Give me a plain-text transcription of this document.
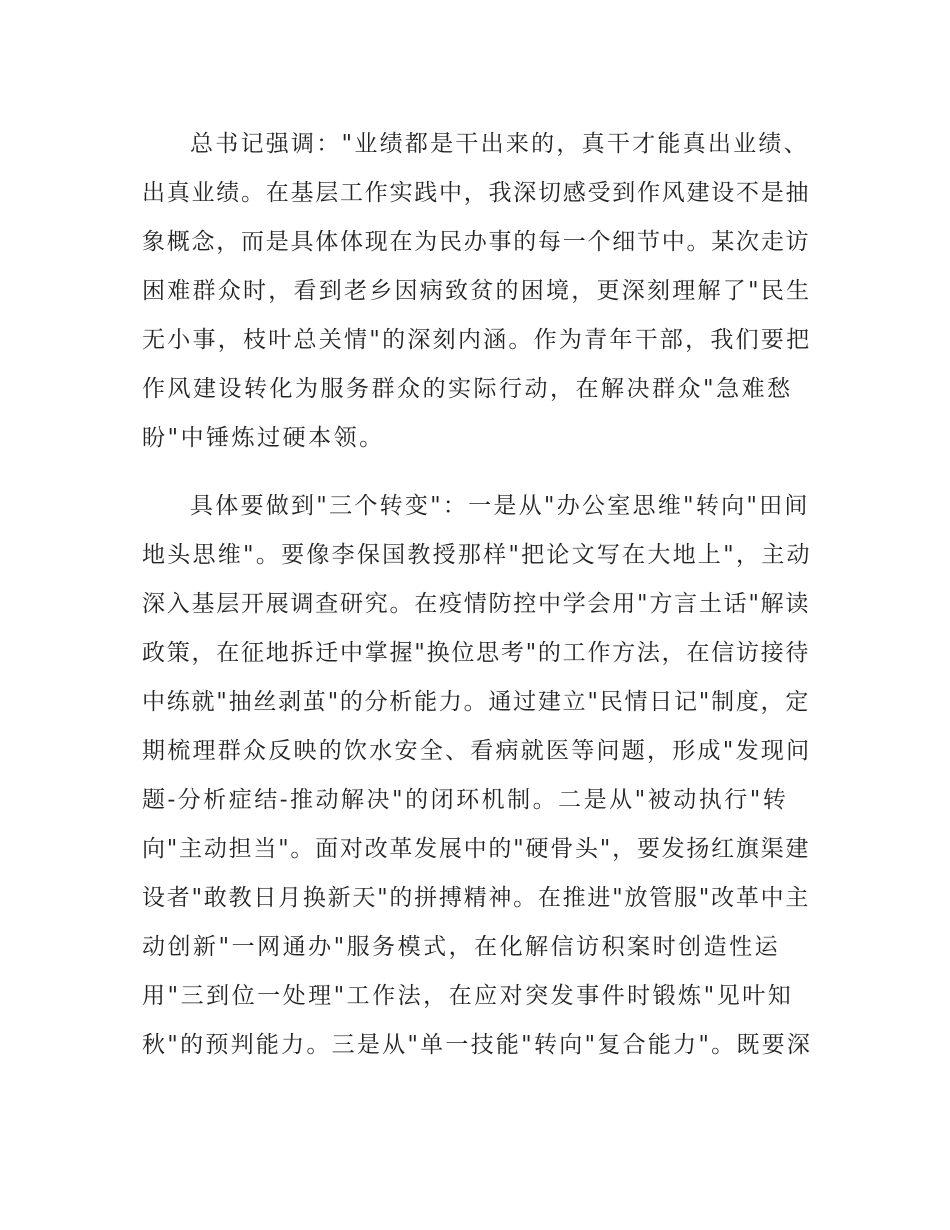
总书记强调："业绩都是干出来的，真干才能真出业绩、

出真业绩。在基层工作实践中，我深切感受到作风建设不是抽

象概念，而是具体体现在为民办事的每一个细节中。某次走访

困难群众时，看到老乡因病致贫的困境，更深刻理解了"民生

无小事，枝叶总关情"的深刻内涵。作为青年干部，我们要把

作风建设转化为服务群众的实际行动，在解决群众"急难愁

盼"中锤炼过硬本领。

具体要做到"三个转变"：一是从"办公室思维"转向"田间

地头思维"。要像李保国教授那样"把论文写在大地上"，主动

深入基层开展调查研究。在疫情防控中学会用"方言土话"解读

政策，在征地拆迁中掌握"换位思考"的工作方法，在信访接待

中练就"抽丝剥茧"的分析能力。通过建立"民情日记"制度，定

期梳理群众反映的饮水安全、看病就医等问题，形成"发现问

题-分析症结-推动解决"的闭环机制。二是从"被动执行"转

向"主动担当"。面对改革发展中的"硬骨头"，要发扬红旗渠建

设者"敢教日月换新天"的拼搏精神。在推进"放管服"改革中主

动创新"一网通办"服务模式，在化解信访积案时创造性运

用"三到位一处理"工作法，在应对突发事件时锻炼"见叶知

秋"的预判能力。三是从"单一技能"转向"复合能力"。既要深
